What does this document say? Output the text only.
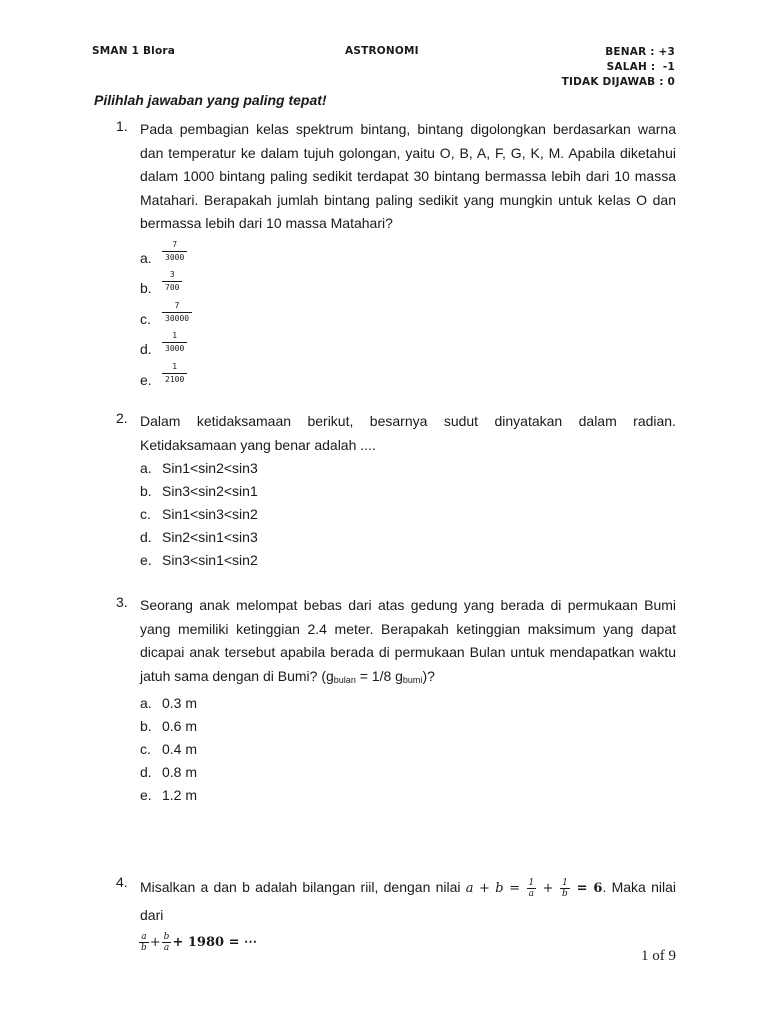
SMAN 1 Blora	ASTRONOMI	BENAR : +3
SALAH :  -1
TIDAK DIJAWAB : 0
Pilihlah jawaban yang paling tepat!
1. Pada pembagian kelas spektrum bintang, bintang digolongkan berdasarkan warna dan temperatur ke dalam tujuh golongan, yaitu O, B, A, F, G, K, M. Apabila diketahui dalam 1000 bintang paling sedikit terdapat 30 bintang bermassa lebih dari 10 massa Matahari. Berapakah jumlah bintang paling sedikit yang mungkin untuk kelas O dan bermassa lebih dari 10 massa Matahari?
a. $\frac{7}{3000}$
b. $\frac{3}{700}$
c. $\frac{7}{30000}$
d. $\frac{1}{3000}$
e. $\frac{1}{2100}$
2. Dalam ketidaksamaan berikut, besarnya sudut dinyatakan dalam radian. Ketidaksamaan yang benar adalah ....
a. Sin1<sin2<sin3
b. Sin3<sin2<sin1
c. Sin1<sin3<sin2
d. Sin2<sin1<sin3
e. Sin3<sin1<sin2
3. Seorang anak melompat bebas dari atas gedung yang berada di permukaan Bumi yang memiliki ketinggian 2.4 meter. Berapakah ketinggian maksimum yang dapat dicapai anak tersebut apabila berada di permukaan Bulan untuk mendapatkan waktu jatuh sama dengan di Bumi? ($g_{bulan} = 1/8$ $g_{bumi}$)?
a. 0.3 m
b. 0.6 m
c. 0.4 m
d. 0.8 m
e. 1.2 m
4. Misalkan a dan b adalah bilangan riil, dengan nilai $a + b = \frac{1}{a} + \frac{1}{b} = 6$. Maka nilai dari
$\frac{a}{b} + \frac{b}{a} + 1980$ = ⋯
1 of 9
